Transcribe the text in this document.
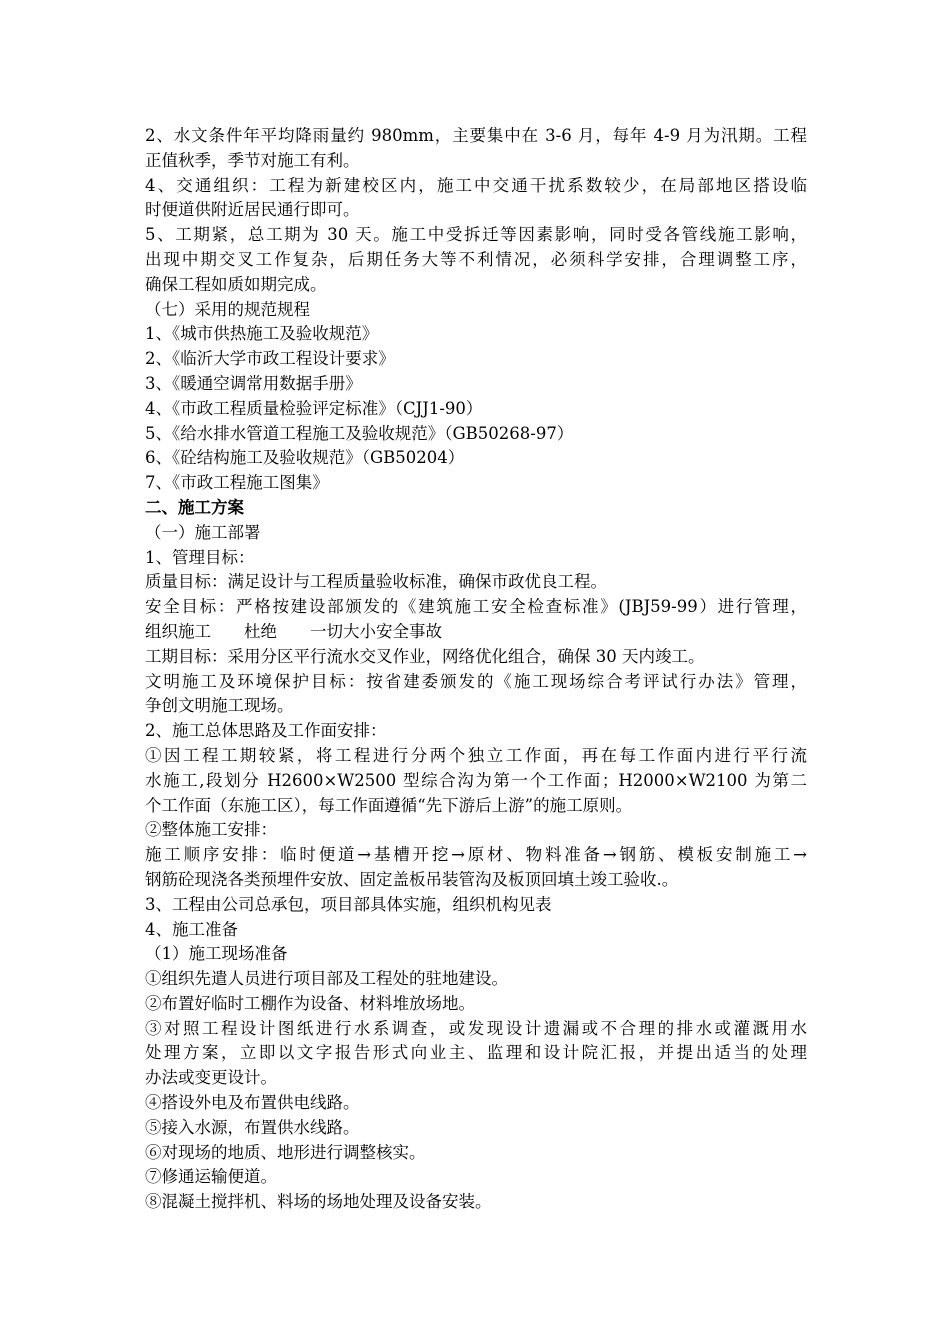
2、水文条件年平均降雨量约 980mm，主要集中在 3-6 月，每年 4-9 月为汛期。工程
正值秋季，季节对施工有利。
4、交通组织：工程为新建校区内，施工中交通干扰系数较少，在局部地区搭设临
时便道供附近居民通行即可。
5、工期紧，总工期为 30 天。施工中受拆迁等因素影响，同时受各管线施工影响，
出现中期交叉工作复杂，后期任务大等不利情况，必须科学安排，合理调整工序，
确保工程如质如期完成。
（七）采用的规范规程
1、《城市供热施工及验收规范》
2、《临沂大学市政工程设计要求》
3、《暖通空调常用数据手册》
4、《市政工程质量检验评定标准》（CJJ1-90）
5、《给水排水管道工程施工及验收规范》（GB50268-97）
6、《砼结构施工及验收规范》（GB50204）
7、《市政工程施工图集》
二、施工方案
（一）施工部署
1、管理目标：
质量目标：满足设计与工程质量验收标准，确保市政优良工程。
安全目标：严格按建设部颁发的《建筑施工安全检查标准》(JBJ59-99）进行管理，
组织施工　　杜绝　　一切大小安全事故
工期目标：采用分区平行流水交叉作业，网络优化组合，确保 30 天内竣工。
文明施工及环境保护目标：按省建委颁发的《施工现场综合考评试行办法》管理，
争创文明施工现场。
2、施工总体思路及工作面安排：
①因工程工期较紧，将工程进行分两个独立工作面，再在每工作面内进行平行流
水施工,段划分 H2600×W2500 型综合沟为第一个工作面；H2000×W2100 为第二
个工作面（东施工区），每工作面遵循“先下游后上游”的施工原则。
②整体施工安排：
施工顺序安排：临时便道→基槽开挖→原材、物料准备→钢筋、模板安制施工→
钢筋砼现浇各类预埋件安放、固定盖板吊装管沟及板顶回填土竣工验收.。
3、工程由公司总承包，项目部具体实施，组织机构见表
4、施工准备
（1）施工现场准备
①组织先遣人员进行项目部及工程处的驻地建设。
②布置好临时工棚作为设备、材料堆放场地。
③对照工程设计图纸进行水系调查，或发现设计遗漏或不合理的排水或灌溉用水
处理方案，立即以文字报告形式向业主、监理和设计院汇报，并提出适当的处理
办法或变更设计。
④搭设外电及布置供电线路。
⑤接入水源，布置供水线路。
⑥对现场的地质、地形进行调整核实。
⑦修通运输便道。
⑧混凝土搅拌机、料场的场地处理及设备安装。
